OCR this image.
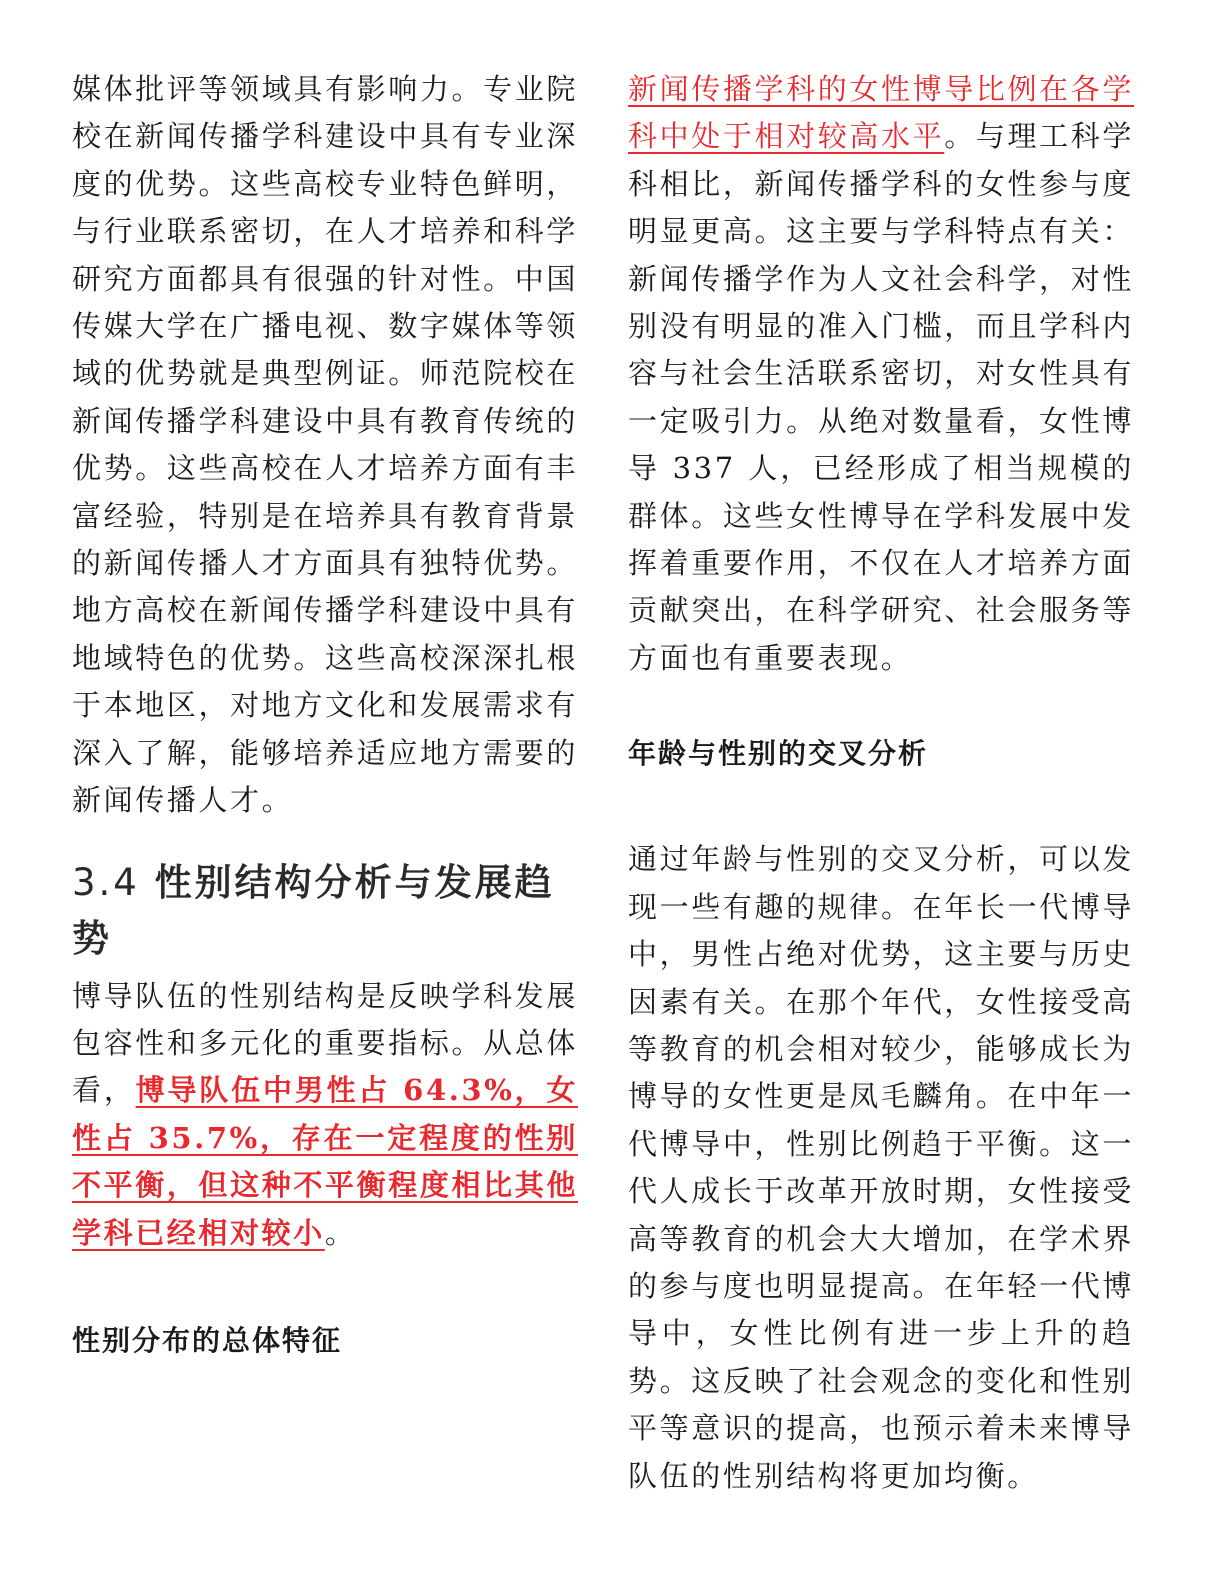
媒体批评等领域具有影响力。专业院校在新闻传播学科建设中具有专业深度的优势。这些高校专业特色鲜明，与行业联系密切，在人才培养和科学研究方面都具有很强的针对性。中国传媒大学在广播电视、数字媒体等领域的优势就是典型例证。师范院校在新闻传播学科建设中具有教育传统的优势。这些高校在人才培养方面有丰富经验，特别是在培养具有教育背景的新闻传播人才方面具有独特优势。地方高校在新闻传播学科建设中具有地域特色的优势。这些高校深深扎根于本地区，对地方文化和发展需求有深入了解，能够培养适应地方需要的新闻传播人才。

3.4 性别结构分析与发展趋势

博导队伍的性别结构是反映学科发展包容性和多元化的重要指标。从总体看，博导队伍中男性占 64.3%，女性占 35.7%，存在一定程度的性别不平衡，但这种不平衡程度相比其他学科已经相对较小。

性别分布的总体特征

新闻传播学科的女性博导比例在各学科中处于相对较高水平。与理工科学科相比，新闻传播学科的女性参与度明显更高。这主要与学科特点有关：新闻传播学作为人文社会科学，对性别没有明显的准入门槛，而且学科内容与社会生活联系密切，对女性具有一定吸引力。从绝对数量看，女性博导 337 人，已经形成了相当规模的群体。这些女性博导在学科发展中发挥着重要作用，不仅在人才培养方面贡献突出，在科学研究、社会服务等方面也有重要表现。

年龄与性别的交叉分析

通过年龄与性别的交叉分析，可以发现一些有趣的规律。在年长一代博导中，男性占绝对优势，这主要与历史因素有关。在那个年代，女性接受高等教育的机会相对较少，能够成长为博导的女性更是凤毛麟角。在中年一代博导中，性别比例趋于平衡。这一代人成长于改革开放时期，女性接受高等教育的机会大大增加，在学术界的参与度也明显提高。在年轻一代博导中，女性比例有进一步上升的趋势。这反映了社会观念的变化和性别平等意识的提高，也预示着未来博导队伍的性别结构将更加均衡。
